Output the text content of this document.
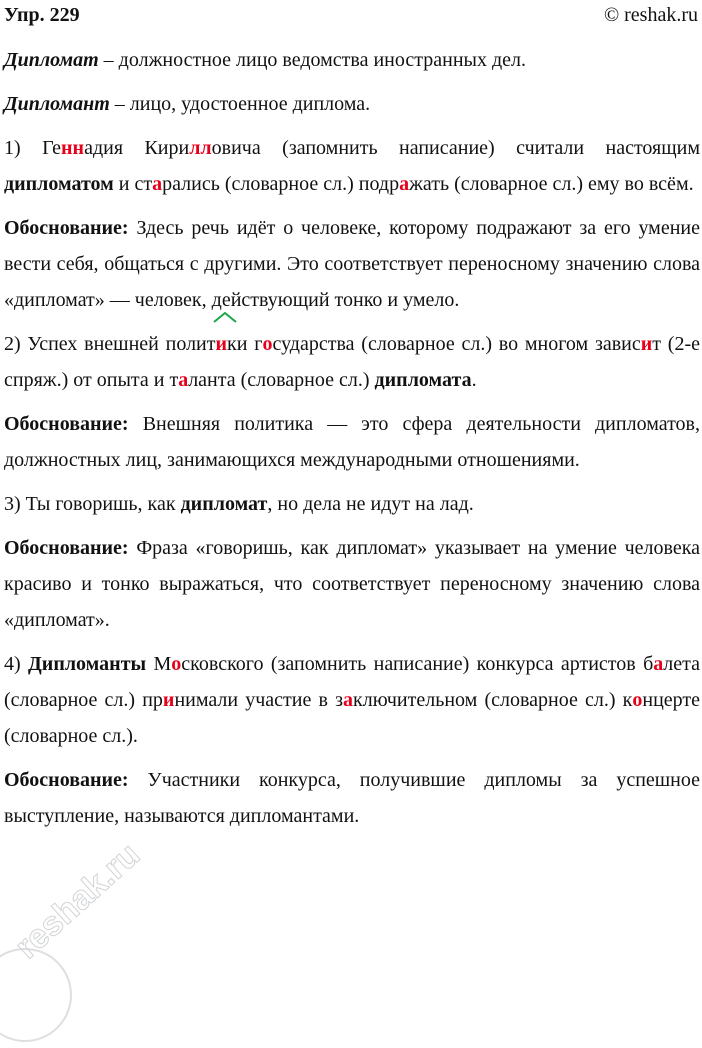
Упр. 229	© reshak.ru

Дипломат – должностное лицо ведомства иностранных дел.

Дипломант – лицо, удостоенное диплома.

1) Геннадия Кирилловича (запомнить написание) считали настоящим дипломатом и старались (словарное сл.) подражать (словарное сл.) ему во всём.

Обоснование: Здесь речь идёт о человеке, которому подражают за его умение вести себя, общаться с другими. Это соответствует переносному значению слова «дипломат» — человек, действующий тонко и умело.

2) Успех внешней полит
ики государства (словарное сл.) во многом зависит (2-е спряж.) от опыта и таланта (словарное сл.) дипломата.

Обоснование: Внешняя политика — это сфера деятельности дипломатов, должностных лиц, занимающихся международными отношениями.

3) Ты говоришь, как дипломат, но дела не идут на лад.

Обоснование: Фраза «говоришь, как дипломат» указывает на умение человека красиво и тонко выражаться, что соответствует переносному значению слова «дипломат».

4) Дипломанты Московского (запомнить написание) конкурса артистов балета (словарное сл.) принимали участие в заключительном (словарное сл.) концерте (словарное сл.).

Обоснование: Участники конкурса, получившие дипломы за успешное выступление, называются дипломантами.

reshak.ru
